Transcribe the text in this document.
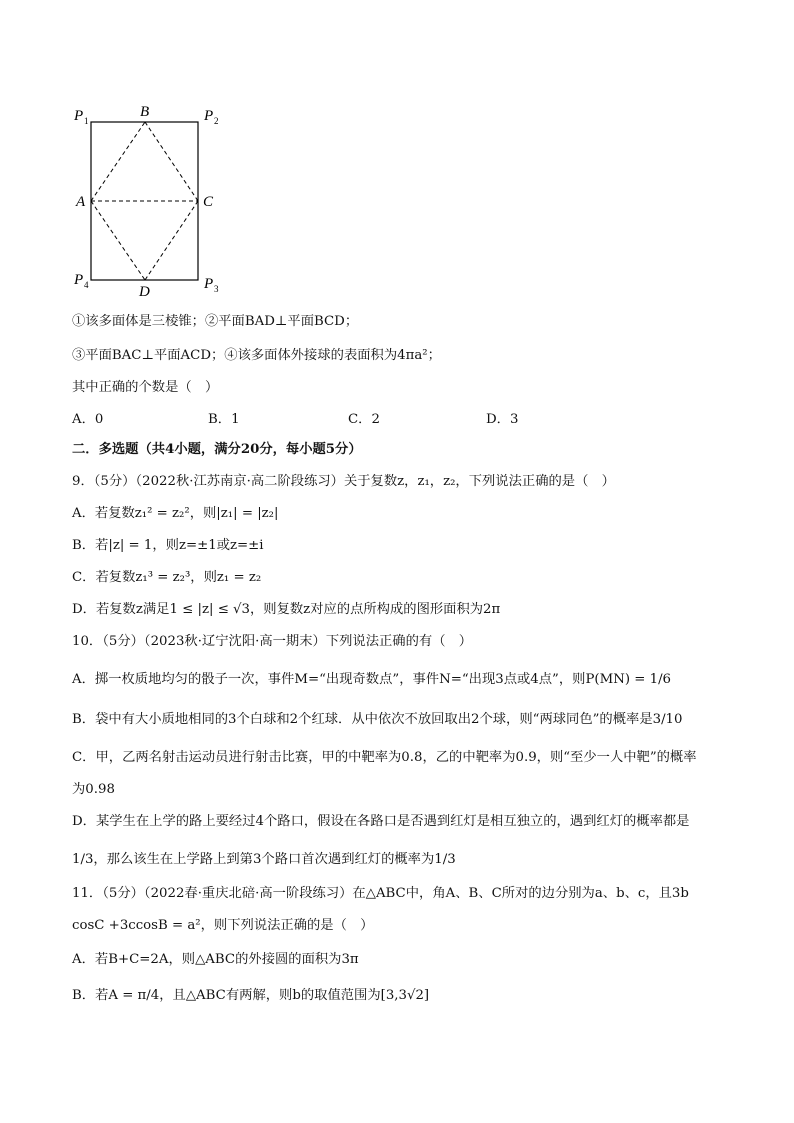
P 1
B	P 2
A	C
P 4	D	P 3
①该多面体是三棱锥；②平面BAD⊥平面BCD；
③平面BAC⊥平面ACD；④该多面体外接球的表面积为4πa²；
其中正确的个数是（　）
A．0	B．1	C．2	D．3
二．多选题（共4小题，满分20分，每小题5分）
9．（5分）（2022秋·江苏南京·高二阶段练习）关于复数z，z₁，z₂，下列说法正确的是（　）
A．若复数z₁² = z₂²，则|z₁| = |z₂|
B．若|z| = 1，则z=±1或z=±i
C．若复数z₁³ = z₂³，则z₁ = z₂
D．若复数z满足1 ≤ |z| ≤ √3，则复数z对应的点所构成的图形面积为2π
10．（5分）（2023秋·辽宁沈阳·高一期末）下列说法正确的有（　）
A．掷一枚质地均匀的骰子一次，事件M=“出现奇数点”，事件N=“出现3点或4点”，则P(MN) = 1/6
B．袋中有大小质地相同的3个白球和2个红球．从中依次不放回取出2个球，则“两球同色”的概率是3/10
C．甲，乙两名射击运动员进行射击比赛，甲的中靶率为0.8，乙的中靶率为0.9，则“至少一人中靶”的概率
为0.98
D．某学生在上学的路上要经过4个路口，假设在各路口是否遇到红灯是相互独立的，遇到红灯的概率都是
1/3，那么该生在上学路上到第3个路口首次遇到红灯的概率为1/3
11．（5分）（2022春·重庆北碚·高一阶段练习）在△ABC中，角A、B、C所对的边分别为a、b、c，且3b
cosC +3ccosB = a²，则下列说法正确的是（　）
A．若B+C=2A，则△ABC的外接圆的面积为3π
B．若A = π/4，且△ABC有两解，则b的取值范围为[3,3√2]
